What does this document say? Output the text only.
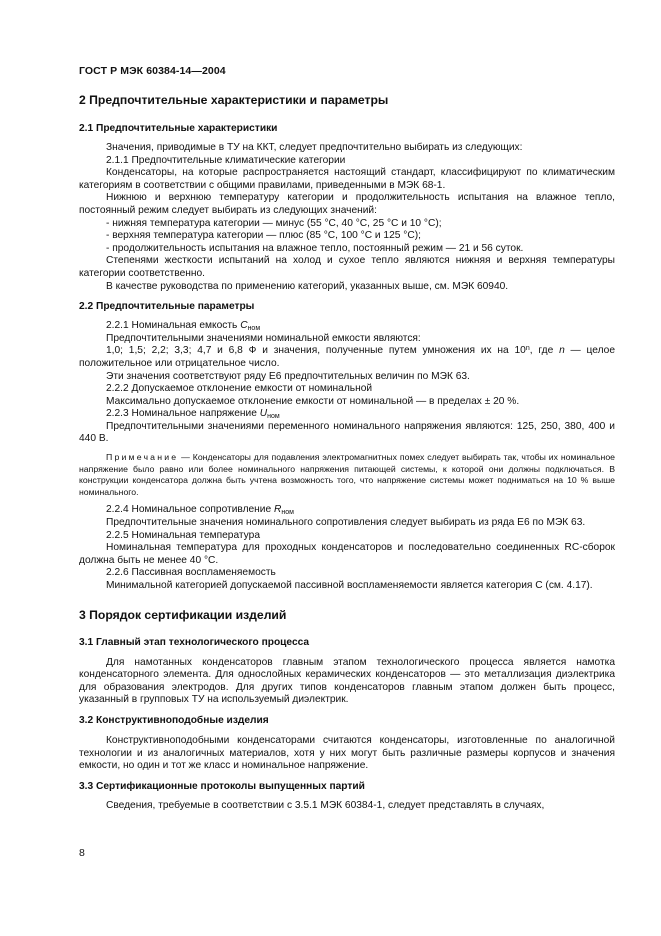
ГОСТ Р МЭК 60384-14—2004

2 Предпочтительные характеристики и параметры

2.1 Предпочтительные характеристики

Значения, приводимые в ТУ на ККТ, следует предпочтительно выбирать из следующих:

2.1.1 Предпочтительные климатические категории

Конденсаторы, на которые распространяется настоящий стандарт, классифицируют по климатическим категориям в соответствии с общими правилами, приведенными в МЭК 68-1.

Нижнюю и верхнюю температуру категории и продолжительность испытания на влажное тепло, постоянный режим следует выбирать из следующих значений:

- нижняя температура категории — минус (55 °С, 40 °С, 25 °С и 10 °С);

- верхняя температура категории — плюс (85 °С, 100 °С и 125 °С);

- продолжительность испытания на влажное тепло, постоянный режим — 21 и 56 суток.

Степенями жесткости испытаний на холод и сухое тепло являются нижняя и верхняя температуры категории соответственно.

В качестве руководства по применению категорий, указанных выше, см. МЭК 60940.

2.2 Предпочтительные параметры

2.2.1 Номинальная емкость $C_{ном}$

Предпочтительными значениями номинальной емкости являются:

1,0; 1,5; 2,2; 3,3; 4,7 и 6,8 Ф и значения, полученные путем умножения их на 10$^n$, где n — целое положительное или отрицательное число.

Эти значения соответствуют ряду Е6 предпочтительных величин по МЭК 63.

2.2.2 Допускаемое отклонение емкости от номинальной

Максимально допускаемое отклонение емкости от номинальной — в пределах ± 20 %.

2.2.3 Номинальное напряжение $U_{ном}$

Предпочтительными значениями переменного номинального напряжения являются: 125, 250, 380, 400 и 440 В.

Примечание — Конденсаторы для подавления электромагнитных помех следует выбирать так, чтобы их номинальное напряжение было равно или более номинального напряжения питающей системы, к которой они должны подключаться. В конструкции конденсатора должна быть учтена возможность того, что напряжение системы может подниматься на 10 % выше номинального.

2.2.4 Номинальное сопротивление $R_{ном}$

Предпочтительные значения номинального сопротивления следует выбирать из ряда Е6 по МЭК 63.

2.2.5 Номинальная температура

Номинальная температура для проходных конденсаторов и последовательно соединенных RC-сборок должна быть не менее 40 °С.

2.2.6 Пассивная воспламеняемость

Минимальной категорией допускаемой пассивной воспламеняемости является категория С (см. 4.17).

3 Порядок сертификации изделий

3.1 Главный этап технологического процесса

Для намотанных конденсаторов главным этапом технологического процесса является намотка конденсаторного элемента. Для однослойных керамических конденсаторов — это металлизация диэлектрика для образования электродов. Для других типов конденсаторов главным этапом должен быть процесс, указанный в групповых ТУ на используемый диэлектрик.

3.2 Конструктивноподобные изделия

Конструктивноподобными конденсаторами считаются конденсаторы, изготовленные по аналогичной технологии и из аналогичных материалов, хотя у них могут быть различные размеры корпусов и значения емкости, но один и тот же класс и номинальное напряжение.

3.3 Сертификационные протоколы выпущенных партий

Сведения, требуемые в соответствии с 3.5.1 МЭК 60384-1, следует представлять в случаях,

8
